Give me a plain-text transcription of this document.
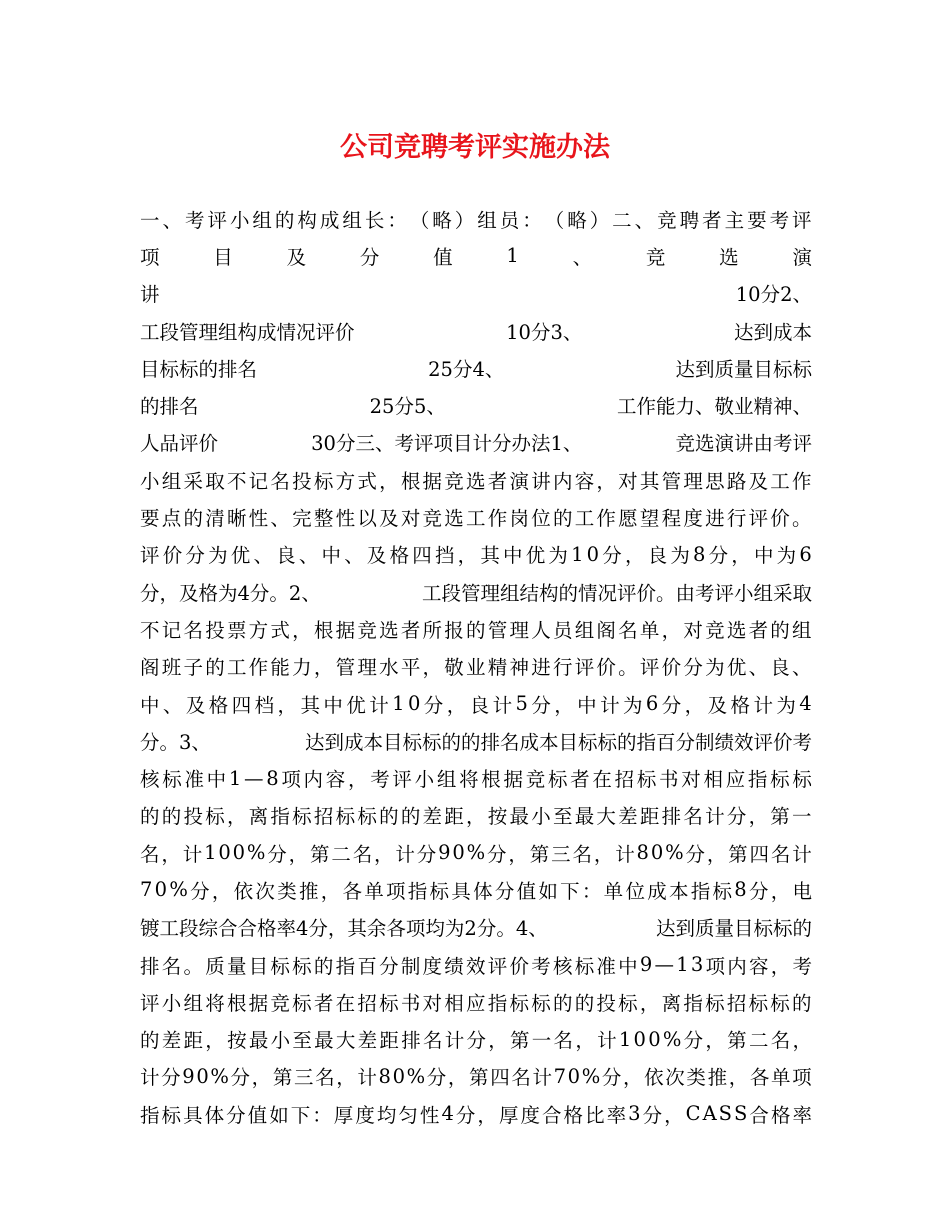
公司竞聘考评实施办法
一 、 考 评 小 组 的 构 成 组 长 ： （ 略 ） 组 员 ： （ 略 ） 二 、 竞 聘 者 主 要 考 评
项	目	及	分	值	1	、	竞	选	演
讲	10分2、
工段管理组构成情况评价	10分3、	达到成本
目标标的排名	25分4、	达到质量目标标
的排名	25分5、	工作能力、敬业精神、
人品评价	30分三、考评项目计分办法1、	竞选演讲由考评
小 组 采 取 不 记 名 投 标 方 式 ， 根 据 竞 选 者 演 讲 内 容 ， 对 其 管 理 思 路 及 工 作
要 点 的 清 晰 性 、 完 整 性 以 及 对 竞 选 工 作 岗 位 的 工 作 愿 望 程 度 进 行 评 价 。
评 价 分 为 优 、 良 、 中 、 及 格 四 挡 ， 其 中 优 为 1 0 分 ， 良 为 8 分 ， 中 为 6
分，及格为4分。2、	工段管理组结构的情况评价。由考评小组采取
不 记 名 投 票 方 式 ， 根 据 竞 选 者 所 报 的 管 理 人 员 组 阁 名 单 ， 对 竞 选 者 的 组
阁 班 子 的 工 作 能 力 ， 管 理 水 平 ， 敬 业 精 神 进 行 评 价 。 评 价 分 为 优 、 良 、
中 、 及 格 四 档 ， 其 中 优 计 1 0 分 ， 良 计 5 分 ， 中 计 为 6 分 ， 及 格 计 为 4
分。3、	达到成本目标标的的排名成本目标标的指百分制绩效评价考
核 标 准 中 1 — 8 项 内 容 ， 考 评 小 组 将 根 据 竞 标 者 在 招 标 书 对 相 应 指 标 标
的 的 投 标 ， 离 指 标 招 标 标 的 的 差 距 ， 按 最 小 至 最 大 差 距 排 名 计 分 ， 第 一
名 ， 计 1 0 0 % 分 ， 第 二 名 ， 计 分 9 0 % 分 ， 第 三 名 ， 计 8 0 % 分 ， 第 四 名 计
7 0 % 分 ， 依 次 类 推 ， 各 单 项 指 标 具 体 分 值 如 下 ： 单 位 成 本 指 标 8 分 ， 电
镀工段综合合格率4分，其余各项均为2分。4、	达到质量目标标的
排 名 。 质 量 目 标 标 的 指 百 分 制 度 绩 效 评 价 考 核 标 准 中 9 — 1 3 项 内 容 ， 考
评 小 组 将 根 据 竞 标 者 在 招 标 书 对 相 应 指 标 标 的 的 投 标 ， 离 指 标 招 标 标 的
的 差 距 ， 按 最 小 至 最 大 差 距 排 名 计 分 ， 第 一 名 ， 计 1 0 0 % 分 ， 第 二 名 ，
计 分 9 0 % 分 ， 第 三 名 ， 计 8 0 % 分 ， 第 四 名 计 7 0 % 分 ， 依 次 类 推 ， 各 单 项
指 标 具 体 分 值 如 下 ： 厚 度 均 匀 性 4 分 ， 厚 度 合 格 比 率 3 分 ， C A S S 合 格 率
